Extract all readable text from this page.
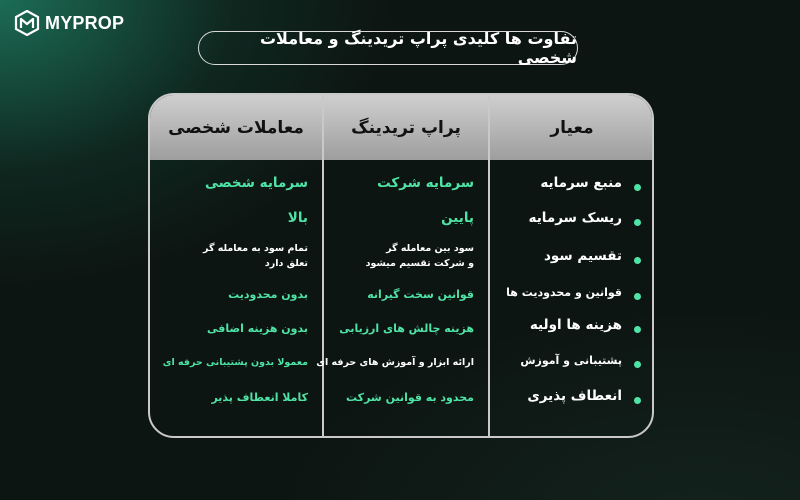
MYPROP
تفاوت ها کلیدی پراپ تریدینگ و معاملات شخصی
معاملات شخصی	پراپ تریدینگ	معیار
منبع سرمایه
ریسک سرمایه
تقسیم سود
قوانین و محدودیت ها
هزینه ها اولیه
پشتیبانی و آموزش
انعطاف پذیری
سرمایه شرکت
پایین
سود بین معامله گر
و شرکت تقسیم میشود
قوانین سخت گیرانه
هزینه چالش های ارزیابی
ارائه ابزار و آموزش های حرفه ای
محدود به قوانین شرکت
سرمایه شخصی
بالا
تمام سود به معامله گر
تعلق دارد
بدون محدودیت
بدون هزینه اضافی
معمولا بدون پشتیبانی حرفه ای
کاملا انعطاف پذیر
